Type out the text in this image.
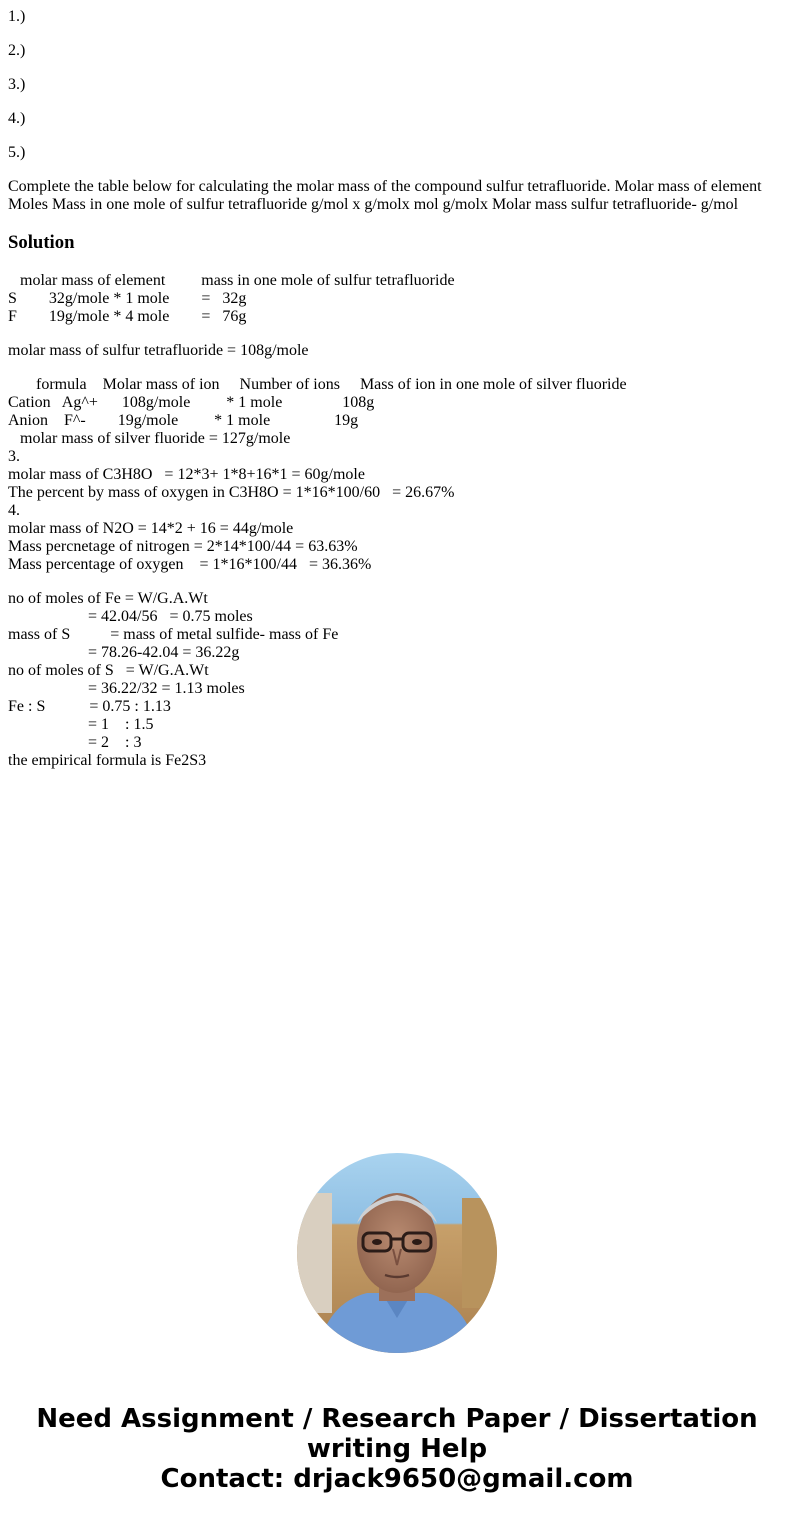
1.)
2.)
3.)
4.)
5.)
Complete the table below for calculating the molar mass of the compound sulfur tetrafluoride. Molar mass of element Moles Mass in one mole of sulfur tetrafluoride g/mol x g/molx mol g/molx Molar mass sulfur tetrafluoride- g/mol
Solution
molar mass of element         mass in one mole of sulfur tetrafluoride
S        32g/mole * 1 mole        =   32g
F        19g/mole * 4 mole        =   76g
molar mass of sulfur tetrafluoride = 108g/mole
formula    Molar mass of ion     Number of ions     Mass of ion in one mole of silver fluoride
Cation   Ag^+      108g/mole         * 1 mole               108g
Anion    F^-        19g/mole         * 1 mole                19g
molar mass of silver fluoride = 127g/mole
3.
molar mass of C3H8O   = 12*3+ 1*8+16*1 = 60g/mole
The percent by mass of oxygen in C3H8O = 1*16*100/60   = 26.67%
4.
molar mass of N2O = 14*2 + 16 = 44g/mole
Mass percnetage of nitrogen = 2*14*100/44 = 63.63%
Mass percentage of oxygen    = 1*16*100/44   = 36.36%
no of moles of Fe = W/G.A.Wt
= 42.04/56   = 0.75 moles
mass of S          = mass of metal sulfide- mass of Fe
= 78.26-42.04 = 36.22g
no of moles of S   = W/G.A.Wt
= 36.22/32 = 1.13 moles
Fe : S           = 0.75 : 1.13
= 1    : 1.5
= 2    : 3
the empirical formula is Fe2S3
Need Assignment / Research Paper / Dissertation
writing Help
Contact: drjack9650@gmail.com
